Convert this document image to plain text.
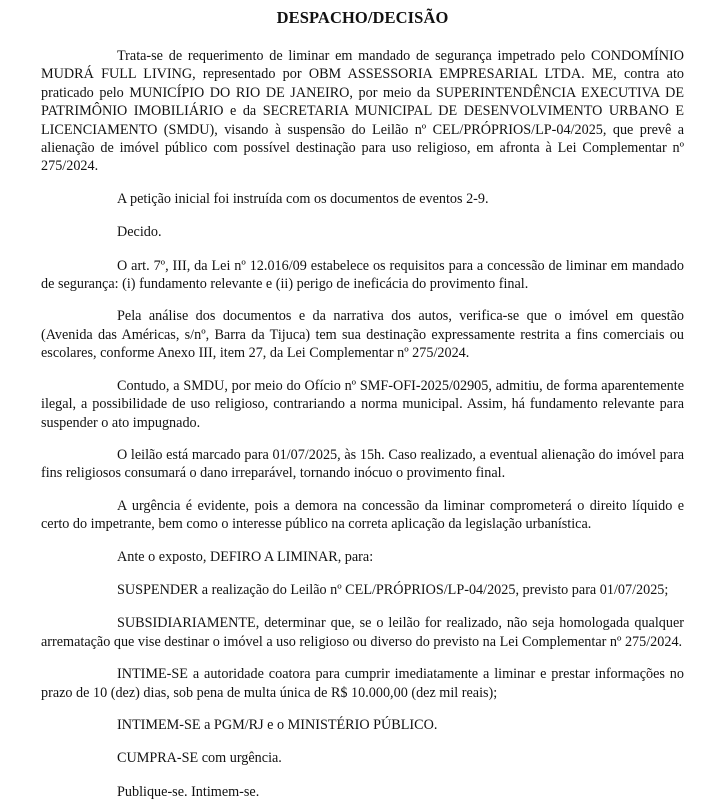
DESPACHO/DECISÃO

Trata-se de requerimento de liminar em mandado de segurança impetrado pelo CONDOMÍNIO MUDRÁ FULL LIVING, representado por OBM ASSESSORIA EMPRESARIAL LTDA. ME, contra ato praticado pelo MUNICÍPIO DO RIO DE JANEIRO, por meio da SUPERINTENDÊNCIA EXECUTIVA DE PATRIMÔNIO IMOBILIÁRIO e da SECRETARIA MUNICIPAL DE DESENVOLVIMENTO URBANO E LICENCIAMENTO (SMDU), visando à suspensão do Leilão nº CEL/PRÓPRIOS/LP-04/2025, que prevê a alienação de imóvel público com possível destinação para uso religioso, em afronta à Lei Complementar nº 275/2024.

A petição inicial foi instruída com os documentos de eventos 2-9.

Decido.

O art. 7º, III, da Lei nº 12.016/09 estabelece os requisitos para a concessão de liminar em mandado de segurança: (i) fundamento relevante e (ii) perigo de ineficácia do provimento final.

Pela análise dos documentos e da narrativa dos autos, verifica-se que o imóvel em questão (Avenida das Américas, s/nº, Barra da Tijuca) tem sua destinação expressamente restrita a fins comerciais ou escolares, conforme Anexo III, item 27, da Lei Complementar nº 275/2024.

Contudo, a SMDU, por meio do Ofício nº SMF-OFI-2025/02905, admitiu, de forma aparentemente ilegal, a possibilidade de uso religioso, contrariando a norma municipal. Assim, há fundamento relevante para suspender o ato impugnado.

O leilão está marcado para 01/07/2025, às 15h. Caso realizado, a eventual alienação do imóvel para fins religiosos consumará o dano irreparável, tornando inócuo o provimento final.

A urgência é evidente, pois a demora na concessão da liminar comprometerá o direito líquido e certo do impetrante, bem como o interesse público na correta aplicação da legislação urbanística.

Ante o exposto, DEFIRO A LIMINAR, para:

SUSPENDER a realização do Leilão nº CEL/PRÓPRIOS/LP-04/2025, previsto para 01/07/2025;

SUBSIDIARIAMENTE, determinar que, se o leilão for realizado, não seja homologada qualquer arrematação que vise destinar o imóvel a uso religioso ou diverso do previsto na Lei Complementar nº 275/2024.

INTIME-SE a autoridade coatora para cumprir imediatamente a liminar e prestar informações no prazo de 10 (dez) dias, sob pena de multa única de R$ 10.000,00 (dez mil reais);

INTIMEM-SE a PGM/RJ e o MINISTÉRIO PÚBLICO.

CUMPRA-SE com urgência.

Publique-se. Intimem-se.
